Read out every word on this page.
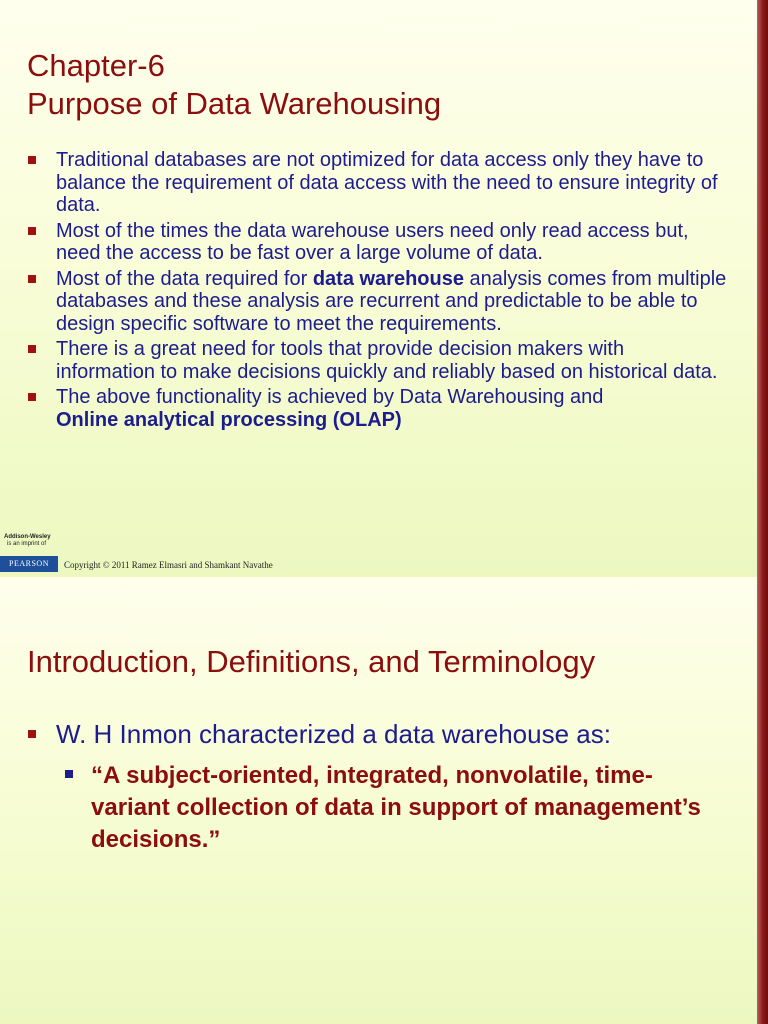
Chapter-6
Purpose of Data Warehousing
Traditional databases are not optimized for data access only they have to balance the requirement of data access with the need to ensure integrity of data.
Most of the times the data warehouse users need only read access but, need the access to be fast over a large volume of data.
Most of the data required for data warehouse analysis comes from multiple databases and these analysis are recurrent and predictable to be able to design specific software to meet the requirements.
There is a great need for tools that provide decision makers with information to make decisions quickly and reliably based on historical data.
The above functionality is achieved by Data Warehousing and
Online analytical processing (OLAP)
Addison-Wesley
is an imprint of
PEARSON	Copyright © 2011 Ramez Elmasri and Shamkant Navathe
Introduction, Definitions, and Terminology

W. H Inmon characterized a data warehouse as:

“A subject-oriented, integrated, nonvolatile, time-variant collection of data in support of management’s decisions.”
